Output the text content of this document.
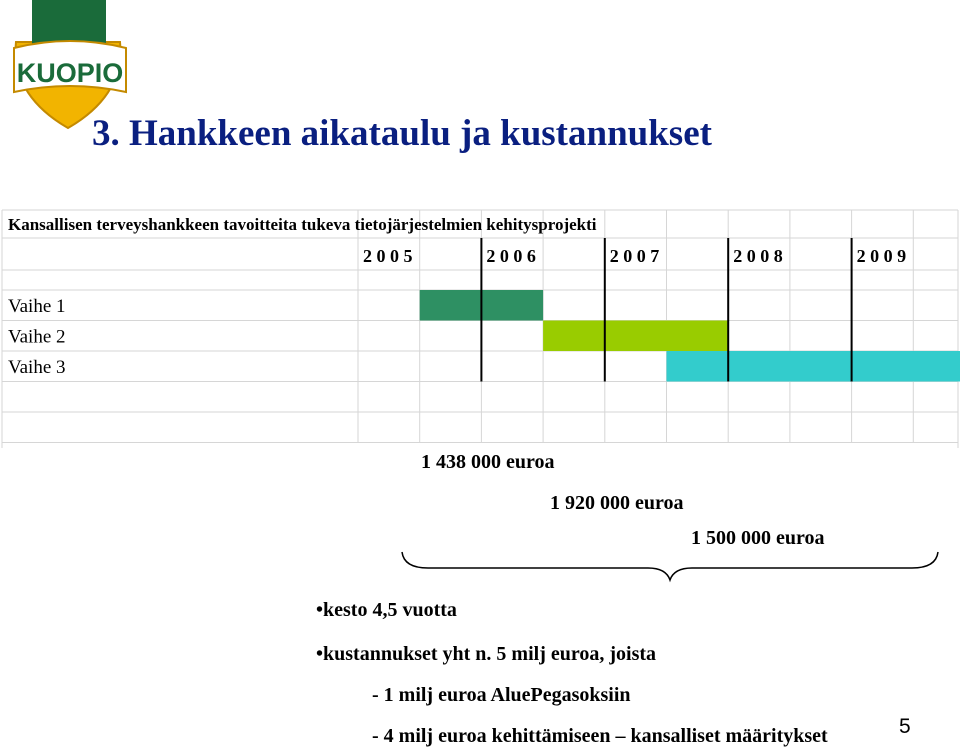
KUOPIO
3. Hankkeen aikataulu ja kustannukset
Kansallisen terveyshankkeen tavoitteita tukeva tietojärjestelmien kehitysprojekti
2 0 0 5	2 0 0 6	2 0 0 7	2 0 0 8	2 0 0 9
Vaihe 1
Vaihe 2
Vaihe 3
1 438 000 euroa
1 920 000 euroa
1 500 000 euroa
•kesto 4,5 vuotta
•kustannukset yht n. 5 milj euroa, joista
- 1 milj euroa AluePegasoksiin
- 4 milj euroa kehittämiseen – kansalliset määritykset	5
